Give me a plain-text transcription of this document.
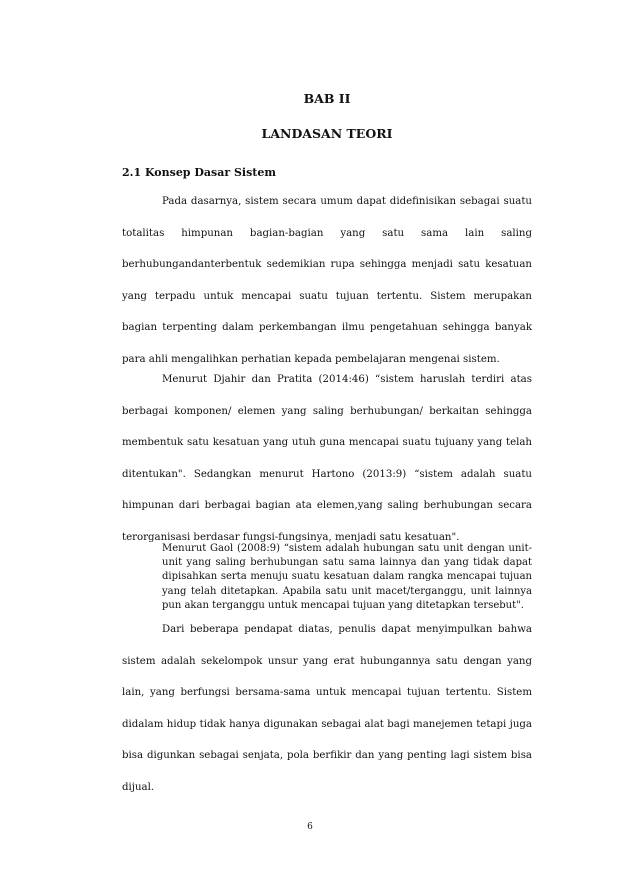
BAB II
LANDASAN TEORI
2.1 Konsep Dasar Sistem

Pada dasarnya, sistem secara umum dapat didefinisikan sebagai suatu totalitas himpunan bagian-bagian yang satu sama lain saling berhubungandanterbentuk sedemikian rupa sehingga menjadi satu kesatuan yang terpadu untuk mencapai suatu tujuan tertentu. Sistem merupakan bagian terpenting dalam perkembangan ilmu pengetahuan sehingga banyak para ahli mengalihkan perhatian kepada pembelajaran mengenai sistem.

Menurut Djahir dan Pratita (2014:46) “sistem haruslah terdiri atas berbagai komponen/ elemen yang saling berhubungan/ berkaitan sehingga membentuk satu kesatuan yang utuh guna mencapai suatu tujuany yang telah ditentukan". Sedangkan menurut Hartono (2013:9) “sistem adalah suatu himpunan dari berbagai bagian ata elemen,yang saling berhubungan secara terorganisasi berdasar fungsi-fungsinya, menjadi satu kesatuan".

Menurut Gaol (2008:9) “sistem adalah hubungan satu unit dengan unit-unit yang saling berhubungan satu sama lainnya dan yang tidak dapat dipisahkan serta menuju suatu kesatuan dalam rangka mencapai tujuan yang telah ditetapkan. Apabila satu unit macet/terganggu, unit lainnya pun akan terganggu untuk mencapai tujuan yang ditetapkan tersebut".

Dari beberapa pendapat diatas, penulis dapat menyimpulkan bahwa sistem adalah sekelompok unsur yang erat hubungannya satu dengan yang lain, yang berfungsi bersama-sama untuk mencapai tujuan tertentu. Sistem didalam hidup tidak hanya digunakan sebagai alat bagi manejemen tetapi juga bisa digunkan sebagai senjata, pola berfikir dan yang penting lagi sistem bisa dijual.

6
